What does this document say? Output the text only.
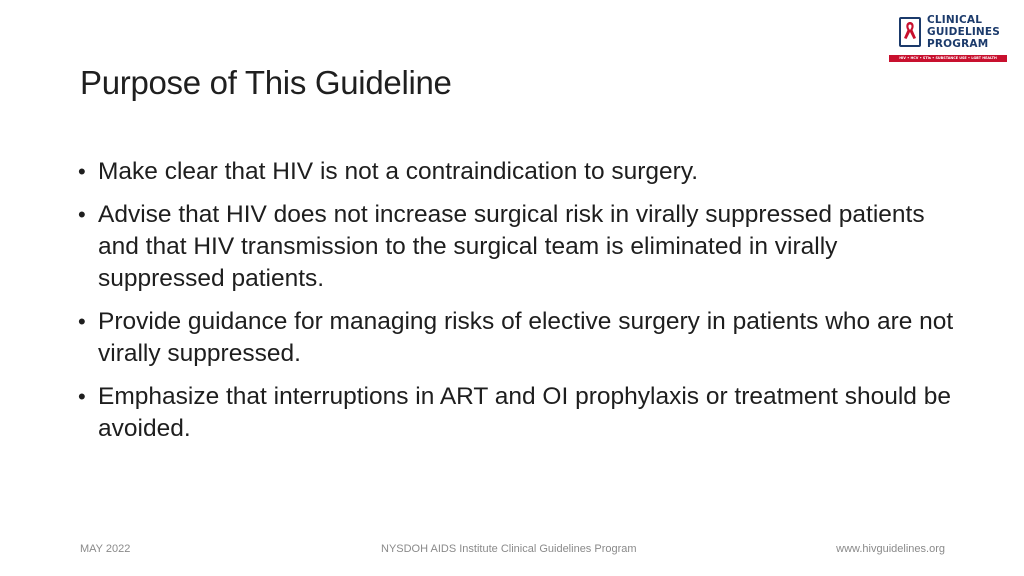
CLINICAL
GUIDELINES
PROGRAM
HIV • HCV • STIs • SUBSTANCE USE • LGBT HEALTH
Purpose of This Guideline
• Make clear that HIV is not a contraindication to surgery.
• Advise that HIV does not increase surgical risk in virally suppressed patients and that HIV transmission to the surgical team is eliminated in virally suppressed patients.
• Provide guidance for managing risks of elective surgery in patients who are not virally suppressed.
• Emphasize that interruptions in ART and OI prophylaxis or treatment should be avoided.
MAY 2022	NYSDOH AIDS Institute Clinical Guidelines Program	www.hivguidelines.org
